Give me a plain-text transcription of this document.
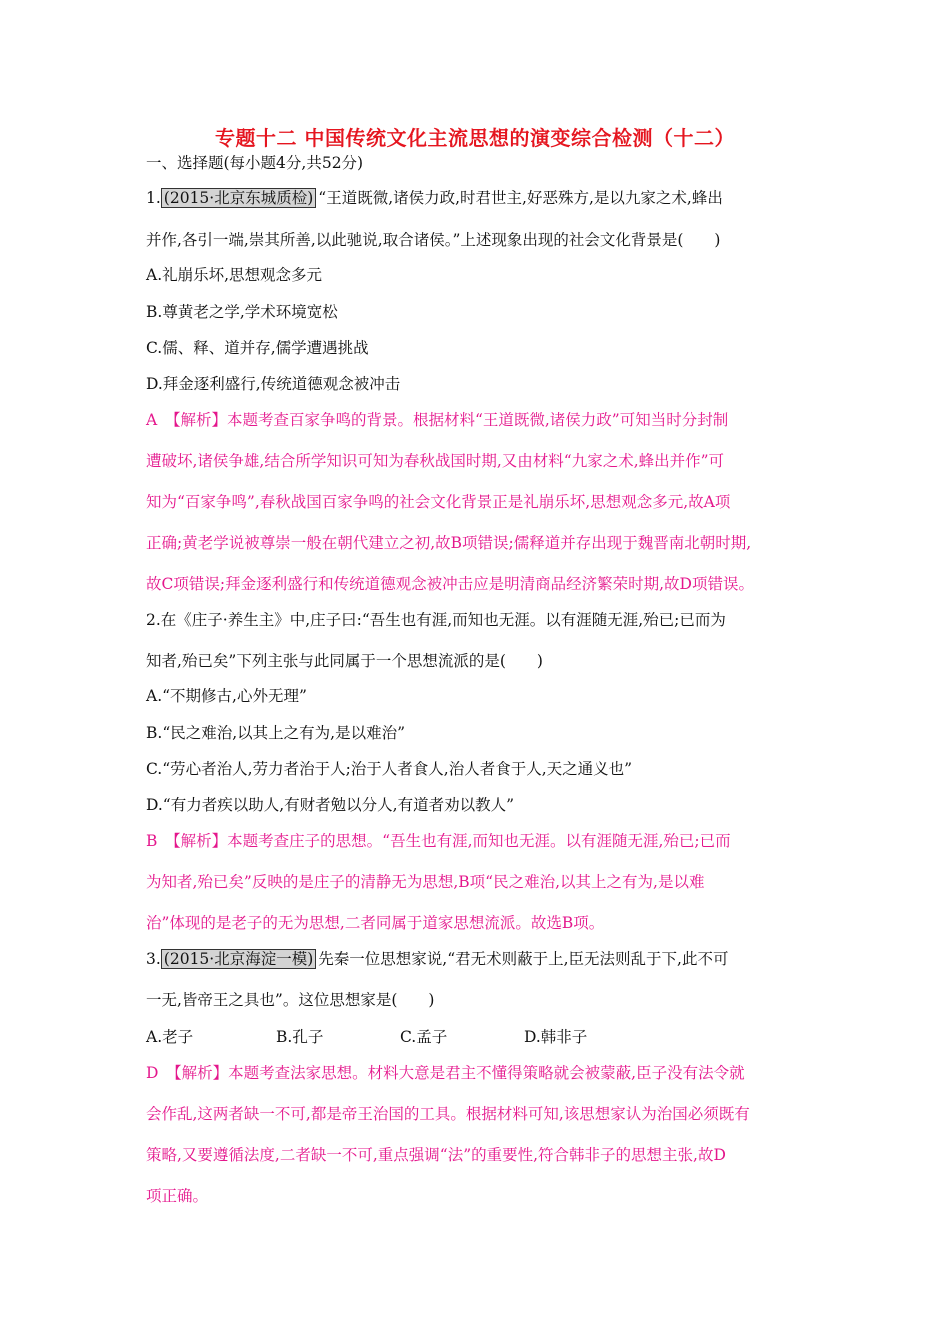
专题十二 中国传统文化主流思想的演变综合检测（十二）
一、选择题(每小题4分,共52分)
1. (2015·北京东城质检) “王道既微,诸侯力政,时君世主,好恶殊方,是以九家之术,蜂出
并作,各引一端,崇其所善,以此驰说,取合诸侯。”上述现象出现的社会文化背景是(　　)
A.礼崩乐坏,思想观念多元
B.尊黄老之学,学术环境宽松
C.儒、释、道并存,儒学遭遇挑战
D.拜金逐利盛行,传统道德观念被冲击
A　【解析】本题考查百家争鸣的背景。根据材料“王道既微,诸侯力政”可知当时分封制
遭破坏,诸侯争雄,结合所学知识可知为春秋战国时期,又由材料“九家之术,蜂出并作”可
知为“百家争鸣”,春秋战国百家争鸣的社会文化背景正是礼崩乐坏,思想观念多元,故A项
正确;黄老学说被尊崇一般在朝代建立之初,故B项错误;儒释道并存出现于魏晋南北朝时期,
故C项错误;拜金逐利盛行和传统道德观念被冲击应是明清商品经济繁荣时期,故D项错误。
2.在《庄子·养生主》中,庄子曰:“吾生也有涯,而知也无涯。以有涯随无涯,殆已;已而为
知者,殆已矣”下列主张与此同属于一个思想流派的是(　　)
A.“不期修古,心外无理”
B.“民之难治,以其上之有为,是以难治”
C.“劳心者治人,劳力者治于人;治于人者食人,治人者食于人,天之通义也”
D.“有力者疾以助人,有财者勉以分人,有道者劝以教人”
B　【解析】本题考查庄子的思想。“吾生也有涯,而知也无涯。以有涯随无涯,殆已;已而
为知者,殆已矣”反映的是庄子的清静无为思想,B项“民之难治,以其上之有为,是以难
治”体现的是老子的无为思想,二者同属于道家思想流派。故选B项。
3. (2015·北京海淀一模) 先秦一位思想家说,“君无术则蔽于上,臣无法则乱于下,此不可
一无,皆帝王之具也”。这位思想家是(　　)
A.老子	B.孔子	C.孟子	D.韩非子
D　【解析】本题考查法家思想。材料大意是君主不懂得策略就会被蒙蔽,臣子没有法令就
会作乱,这两者缺一不可,都是帝王治国的工具。根据材料可知,该思想家认为治国必须既有
策略,又要遵循法度,二者缺一不可,重点强调“法”的重要性,符合韩非子的思想主张,故D
项正确。
